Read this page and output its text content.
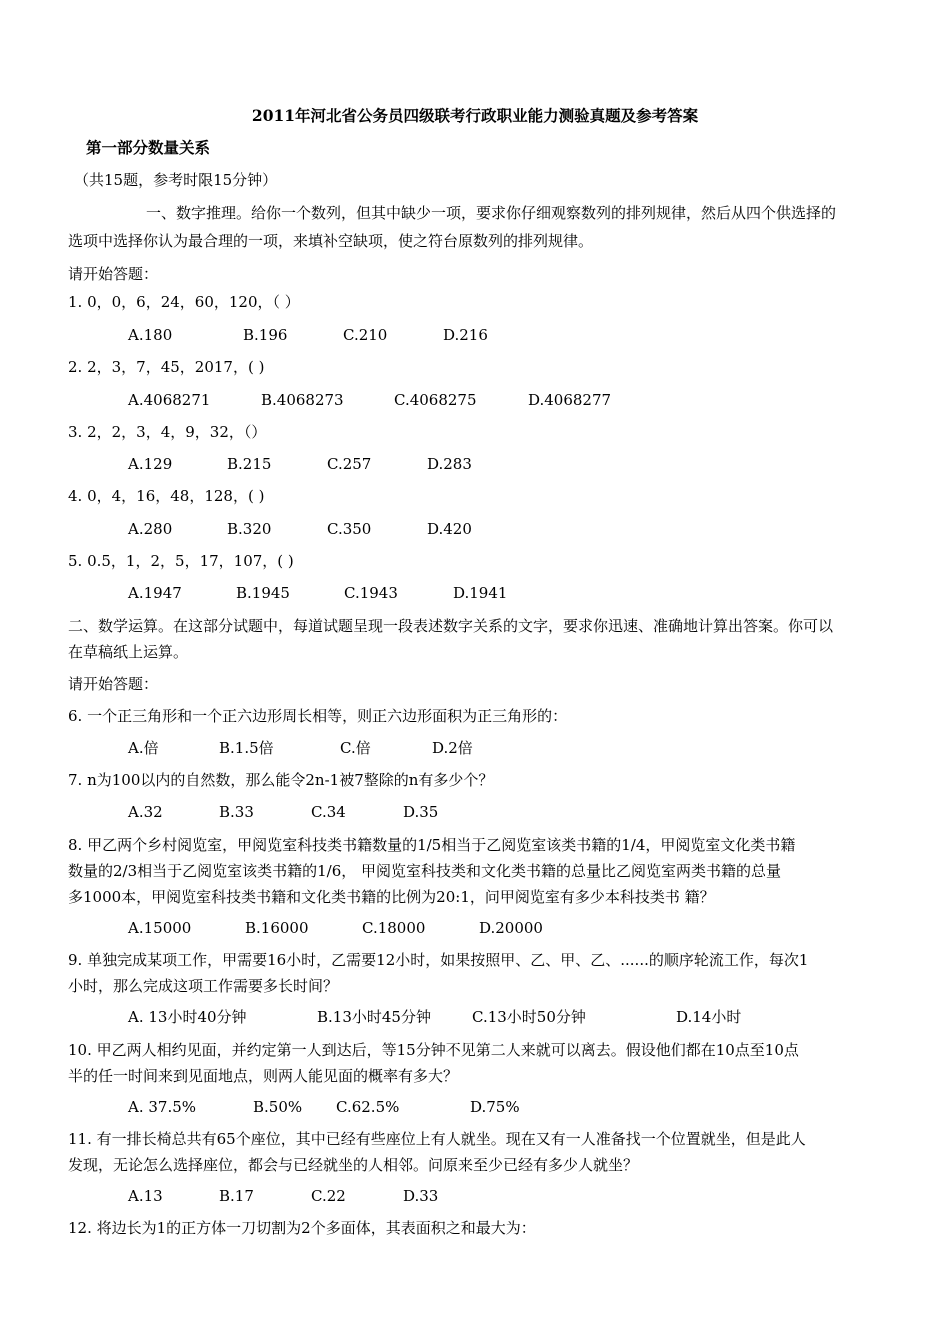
2011年河北省公务员四级联考行政职业能力测验真题及参考答案
第一部分数量关系
（共15题，参考时限15分钟）
一、数字推理。给你一个数列，但其中缺少一项，要求你仔细观察数列的排列规律，然后从四个供选择的
选项中选择你认为最合理的一项，来填补空缺项，使之符台原数列的排列规律。
请开始答题：
1. 0，0，6，24，60，120，（ ）
A.180	B.196	C.210	D.216
2. 2，3，7，45，2017，( )
A.4068271	B.4068273	C.4068275	D.4068277
3. 2，2，3，4，9，32，（）
A.129	B.215	C.257	D.283
4. 0，4，16，48，128，( )
A.280	B.320	C.350	D.420
5. 0.5，1，2，5，17，107，( )
A.1947	B.1945	C.1943	D.1941
二、数学运算。在这部分试题中，每道试题呈现一段表述数字关系的文字，要求你迅速、准确地计算出答案。你可以
在草稿纸上运算。
请开始答题：
6. 一个正三角形和一个正六边形周长相等，则正六边形面积为正三角形的：
A.倍	B.1.5倍	C.倍	D.2倍
7. n为100以内的自然数，那么能令2n-1被7整除的n有多少个？
A.32	B.33	C.34	D.35
8. 甲乙两个乡村阅览室，甲阅览室科技类书籍数量的1/5相当于乙阅览室该类书籍的1/4，甲阅览室文化类书籍
数量的2/3相当于乙阅览室该类书籍的1/6， 甲阅览室科技类和文化类书籍的总量比乙阅览室两类书籍的总量
多1000本，甲阅览室科技类书籍和文化类书籍的比例为20:1，问甲阅览室有多少本科技类书 籍？
A.15000	B.16000	C.18000	D.20000
9. 单独完成某项工作，甲需要16小时，乙需要12小时，如果按照甲、乙、甲、乙、......的顺序轮流工作，每次1
小时，那么完成这项工作需要多长时间？
A. 13小时40分钟	B.13小时45分钟	C.13小时50分钟	D.14小时
10. 甲乙两人相约见面，并约定第一人到达后，等15分钟不见第二人来就可以离去。假设他们都在10点至10点
半的任一时间来到见面地点，则两人能见面的概率有多大？
A. 37.5%	B.50% C.62.5%	D.75%
11. 有一排长椅总共有65个座位，其中已经有些座位上有人就坐。现在又有一人准备找一个位置就坐，但是此人
发现，无论怎么选择座位，都会与已经就坐的人相邻。问原来至少已经有多少人就坐？
A.13	B.17	C.22	D.33
12. 将边长为1的正方体一刀切割为2个多面体，其表面积之和最大为：
